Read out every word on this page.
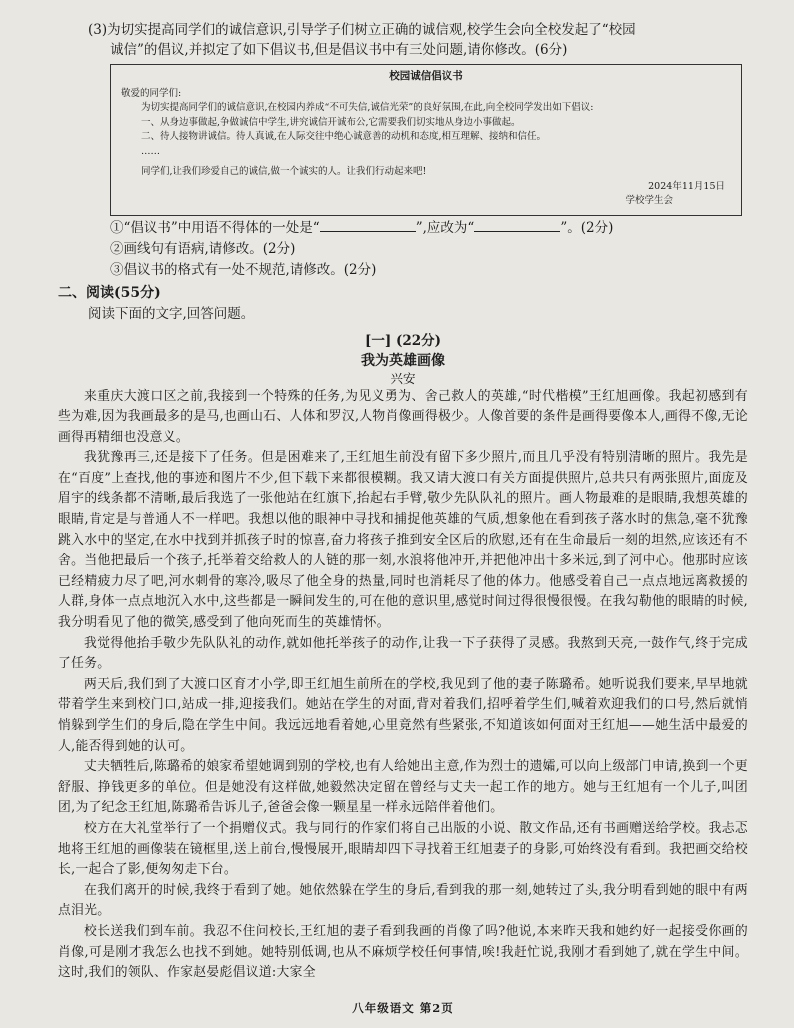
(3)为切实提高同学们的诚信意识,引导学子们树立正确的诚信观,校学生会向全校发起了“校园
诚信”的倡议,并拟定了如下倡议书,但是倡议书中有三处问题,请你修改。(6分)
校园诚信倡议书
敬爱的同学们:
为切实提高同学们的诚信意识,在校园内养成“不可失信,诚信光荣”的良好氛围,在此,向全校同学发出如下倡议:
一、从身边事做起,争做诚信中学生,讲究诚信开诚布公,它需要我们切实地从身边小事做起。
二、待人接物讲诚信。待人真诚,在人际交往中绝心诚意善的动机和态度,相互理解、接纳和信任。
……
同学们,让我们珍爱自己的诚信,做一个诚实的人。让我们行动起来吧!
2024年11月15日
学校学生会
①“倡议书”中用语不得体的一处是“	”,应改为“	”。(2分)
②画线句有语病,请修改。(2分)
③倡议书的格式有一处不规范,请修改。(2分)
二、阅读(55分)
阅读下面的文字,回答问题。
[一] (22分)
我为英雄画像
兴安

来重庆大渡口区之前,我接到一个特殊的任务,为见义勇为、舍己救人的英雄,“时代楷模”王红旭画像。我起初感到有些为难,因为我画最多的是马,也画山石、人体和罗汉,人物肖像画得极少。人像首要的条件是画得要像本人,画得不像,无论画得再精细也没意义。

我犹豫再三,还是接下了任务。但是困难来了,王红旭生前没有留下多少照片,而且几乎没有特别清晰的照片。我先是在“百度”上查找,他的事迹和图片不少,但下载下来都很模糊。我又请大渡口有关方面提供照片,总共只有两张照片,面庞及眉宇的线条都不清晰,最后我选了一张他站在红旗下,抬起右手臂,敬少先队队礼的照片。画人物最难的是眼睛,我想英雄的眼睛,肯定是与普通人不一样吧。我想以他的眼神中寻找和捕捉他英雄的气质,想象他在看到孩子落水时的焦急,毫不犹豫跳入水中的坚定,在水中找到并抓孩子时的惊喜,奋力将孩子推到安全区后的欣慰,还有在生命最后一刻的坦然,应该还有不舍。当他把最后一个孩子,托举着交给救人的人链的那一刻,水浪将他冲开,并把他冲出十多米远,到了河中心。他那时应该已经精疲力尽了吧,河水刺骨的寒冷,吸尽了他全身的热量,同时也消耗尽了他的体力。他感受着自己一点点地远离救援的人群,身体一点点地沉入水中,这些都是一瞬间发生的,可在他的意识里,感觉时间过得很慢很慢。在我勾勒他的眼睛的时候,我分明看见了他的微笑,感受到了他向死而生的英雄情怀。

我觉得他抬手敬少先队队礼的动作,就如他托举孩子的动作,让我一下子获得了灵感。我熬到天亮,一鼓作气,终于完成了任务。

两天后,我们到了大渡口区育才小学,即王红旭生前所在的学校,我见到了他的妻子陈璐希。她听说我们要来,早早地就带着学生来到校门口,站成一排,迎接我们。她站在学生的对面,背对着我们,招呼着学生们,喊着欢迎我们的口号,然后就悄悄躲到学生们的身后,隐在学生中间。我远远地看着她,心里竟然有些紧张,不知道该如何面对王红旭——她生活中最爱的人,能否得到她的认可。

丈夫牺牲后,陈璐希的娘家希望她调到别的学校,也有人给她出主意,作为烈士的遗孀,可以向上级部门申请,换到一个更舒服、挣钱更多的单位。但是她没有这样做,她毅然决定留在曾经与丈夫一起工作的地方。她与王红旭有一个儿子,叫团团,为了纪念王红旭,陈璐希告诉儿子,爸爸会像一颗星星一样永远陪伴着他们。

校方在大礼堂举行了一个捐赠仪式。我与同行的作家们将自己出版的小说、散文作品,还有书画赠送给学校。我忐忑地将王红旭的画像装在镜框里,送上前台,慢慢展开,眼睛却四下寻找着王红旭妻子的身影,可始终没有看到。我把画交给校长,一起合了影,便匆匆走下台。

在我们离开的时候,我终于看到了她。她依然躲在学生的身后,看到我的那一刻,她转过了头,我分明看到她的眼中有两点泪光。

校长送我们到车前。我忍不住问校长,王红旭的妻子看到我画的肖像了吗?他说,本来昨天我和她约好一起接受你画的肖像,可是刚才我怎么也找不到她。她特别低调,也从不麻烦学校任何事情,唉!我赶忙说,我刚才看到她了,就在学生中间。这时,我们的领队、作家赵晏彪倡议道:大家全

八年级语文 第2页
